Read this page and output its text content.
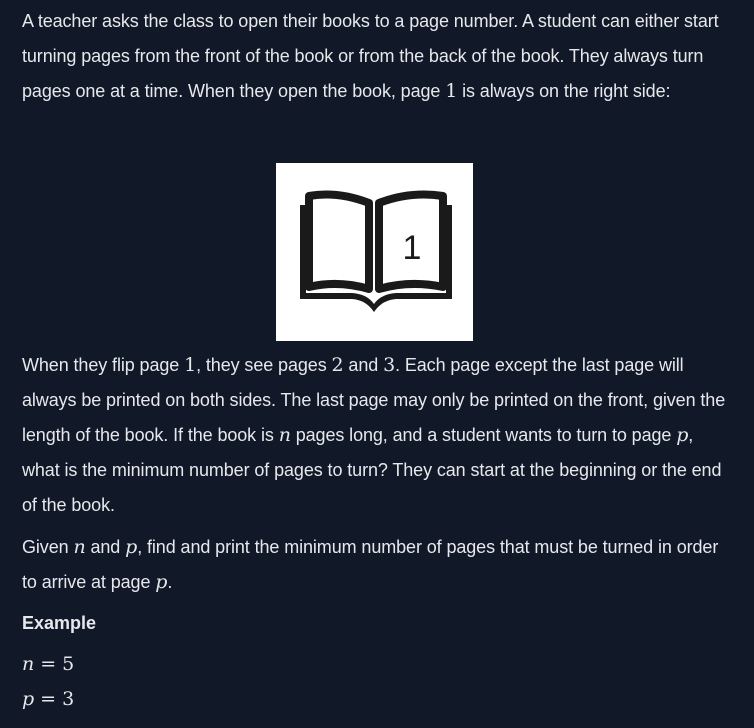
A teacher asks the class to open their books to a page number. A student can either start turning pages from the front of the book or from the back of the book. They always turn pages one at a time. When they open the book, page 1 is always on the right side:

1

When they flip page 1, they see pages 2 and 3. Each page except the last page will always be printed on both sides. The last page may only be printed on the front, given the length of the book. If the book is n pages long, and a student wants to turn to page p, what is the minimum number of pages to turn? They can start at the beginning or the end of the book.

Given n and p, find and print the minimum number of pages that must be turned in order to arrive at page p.

Example
n = 5
p = 3
